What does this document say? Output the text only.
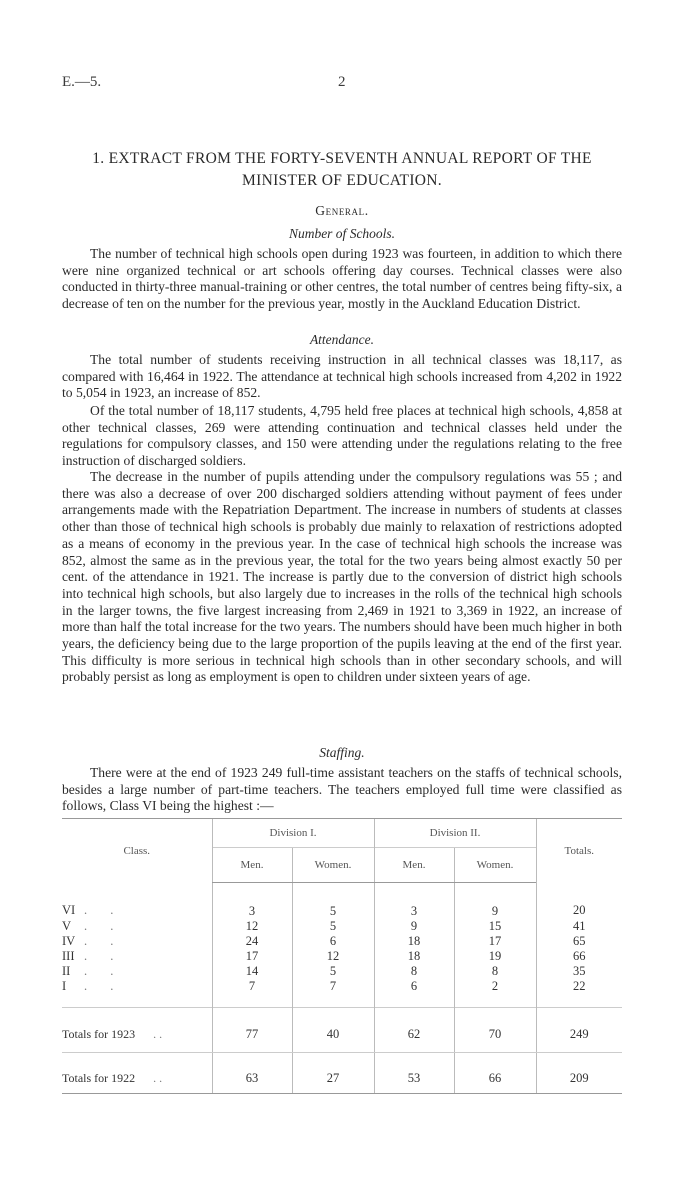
E.—5.	2
1. EXTRACT FROM THE FORTY-SEVENTH ANNUAL REPORT OF THE
MINISTER OF EDUCATION.
General.
Number of Schools.

The number of technical high schools open during 1923 was fourteen, in addition to which there were nine organized technical or art schools offering day courses. Technical classes were also conducted in thirty-three manual-training or other centres, the total number of centres being fifty-six, a decrease of ten on the number for the previous year, mostly in the Auckland Education District.

Attendance.

The total number of students receiving instruction in all technical classes was 18,117, as compared with 16,464 in 1922. The attendance at technical high schools increased from 4,202 in 1922 to 5,054 in 1923, an increase of 852.

Of the total number of 18,117 students, 4,795 held free places at technical high schools, 4,858 at other technical classes, 269 were attending continuation and technical classes held under the regulations for compulsory classes, and 150 were attending under the regulations relating to the free instruction of discharged soldiers.

The decrease in the number of pupils attending under the compulsory regulations was 55 ; and there was also a decrease of over 200 discharged soldiers attending without payment of fees under arrangements made with the Repatriation Department. The increase in numbers of students at classes other than those of technical high schools is probably due mainly to relaxation of restrictions adopted as a means of economy in the previous year. In the case of technical high schools the increase was 852, almost the same as in the previous year, the total for the two years being almost exactly 50 per cent. of the attendance in 1921. The increase is partly due to the conversion of district high schools into technical high schools, but also largely due to increases in the rolls of the technical high schools in the larger towns, the five largest increasing from 2,469 in 1921 to 3,369 in 1922, an increase of more than half the total increase for the two years. The numbers should have been much higher in both years, the deficiency being due to the large proportion of the pupils leaving at the end of the first year. This difficulty is more serious in technical high schools than in other secondary schools, and will probably persist as long as employment is open to children under sixteen years of age.

Staffing.

There were at the end of 1923 249 full-time assistant teachers on the staffs of technical schools, besides a large number of part-time teachers. The teachers employed full time were classified as follows, Class VI being the highest :—

Class.	Division I.		Division II.		Totals.
	Men.	Women.	Men.	Women.	
VI . .	3	5	3	9	20
V . .	12	5	9	15	41
IV . .	24	6	18	17	65
III . .	17	12	18	19	66
II . .	14	5	8	8	35
I . .	7	7	6	2	22
Totals for 1923 . .	77	40	62	70	249
Totals for 1922 . .	63	27	53	66	209
